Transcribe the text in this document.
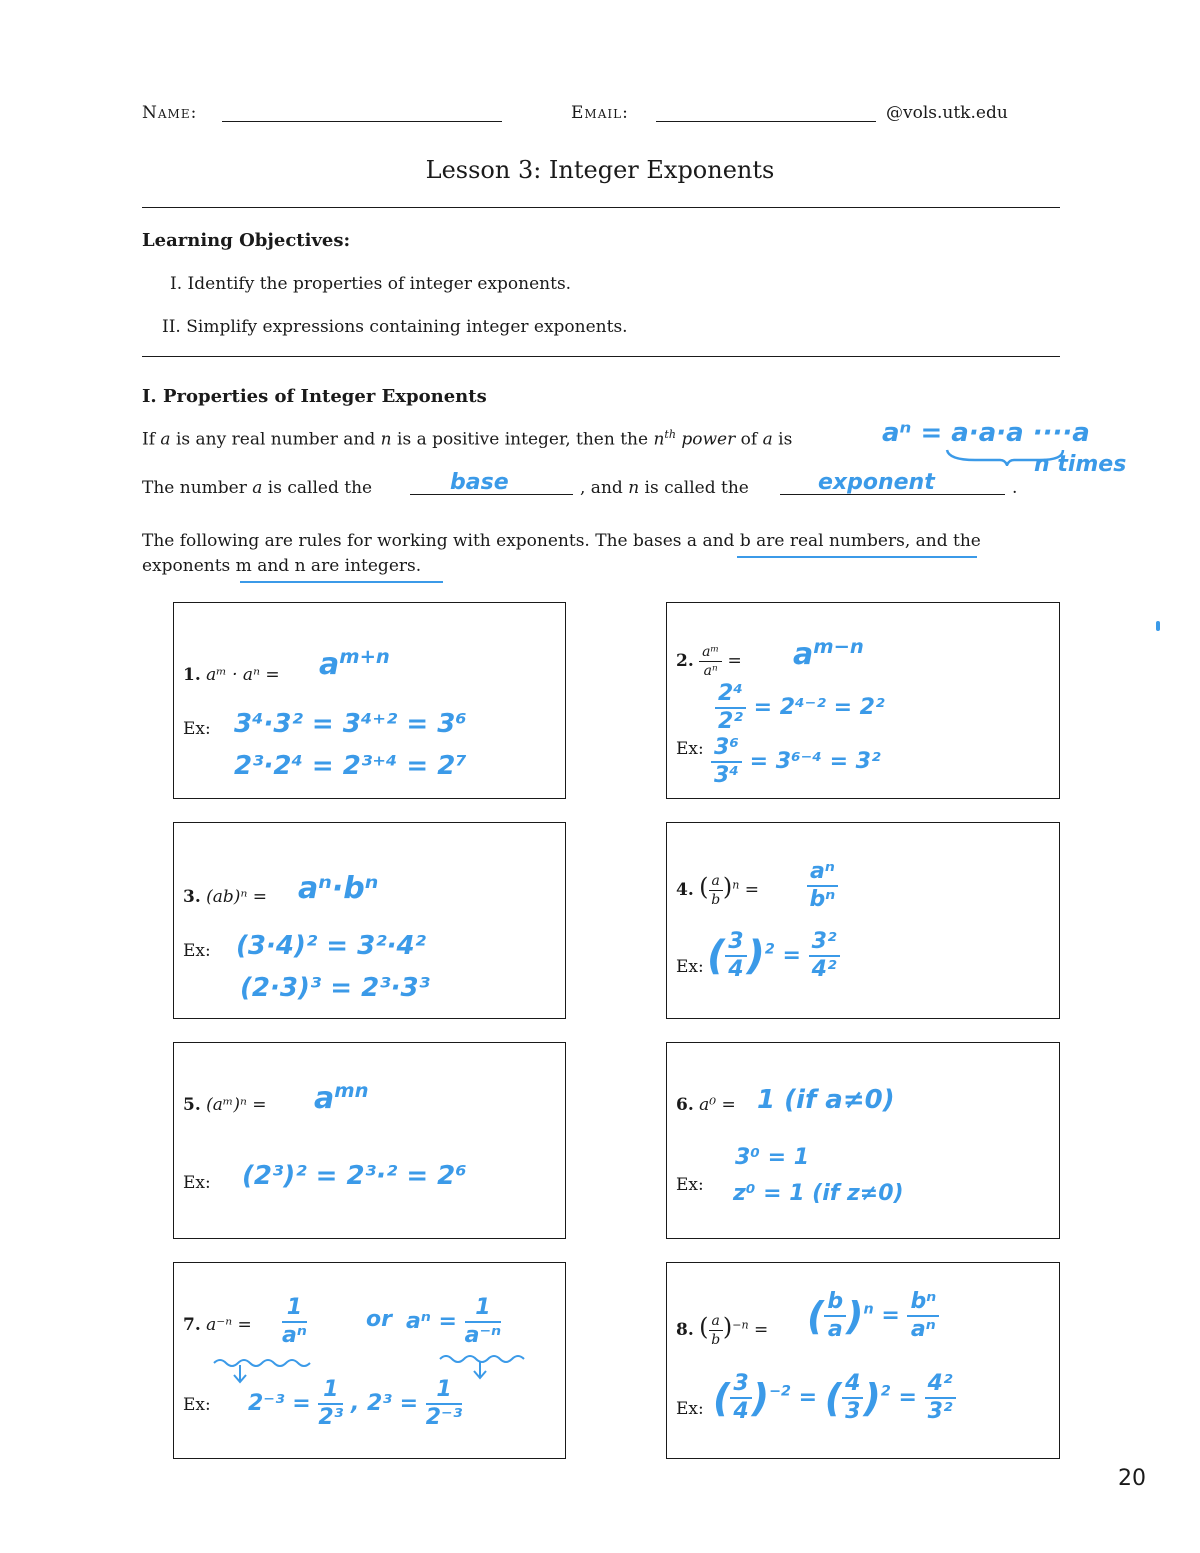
Name:	Email:	@vols.utk.edu
Lesson 3: Integer Exponents
Learning Objectives:
I. Identify the properties of integer exponents.
II. Simplify expressions containing integer exponents.
I. Properties of Integer Exponents
If a is any real number and n is a positive integer, then the $n^{th}$ power of a is	aⁿ = a·a·a ····a
n times
The number a is called the	base	, and n is called the	exponent	.
The following are rules for working with exponents. The bases a and b are real numbers, and the
exponents m and n are integers.
1. aᵐ · $a^n = a^{m+n}$
Ex: 3⁴·3² = 3⁴⁺² = 3⁶
2³·2⁴ = 2³⁺⁴ = 2⁷
2. $\frac{\text{aᵐ}}{\text{aⁿ}} = a^{m-n}$
$\frac{\text{2⁴}}{\text{2²}} = 2^{4-2} = 2^2$
Ex: $\frac{\text{3⁶}}{\text{3⁴}} = 3^{6-4} = 3^2$
3. (ab)ⁿ = aⁿ·bⁿ
Ex: (3·4)² = 3²·4²
(2·3)³ = 2³·3³
4. ( $\frac{a}{b} )^n = \frac{\text{aⁿ}}{\text{bⁿ}}$
Ex: ( $\frac{3}{4} )^2 = \frac{\text{3²}}{\text{4²}}$
5. (aᵐ)ⁿ = $a^{mn}$
Ex: (2³)² = 2³·² = 2⁶
6. a⁰ = 1 (if a≠0)
Ex:
3⁰ = 1
z⁰ = 1 (if z≠0)
7. $a^{-n} = \frac{1}{\text{aⁿ}}$	or $a^n = \frac{1}{\text{a⁻ⁿ}}$
Ex: $2^{-3} = \frac{1}{\text{2³}}$ , $2^3 = \frac{1}{\text{2⁻³}}$
8. ( $\frac{a}{b} )^{-n}$ = ( $\frac{b}{a} )^n = \frac{\text{bⁿ}}{\text{aⁿ}}$
Ex: ( $\frac{3}{4} )^{-2}$ = ( $\frac{4}{3} )^2 = \frac{\text{4²}}{\text{3²}}$
20
